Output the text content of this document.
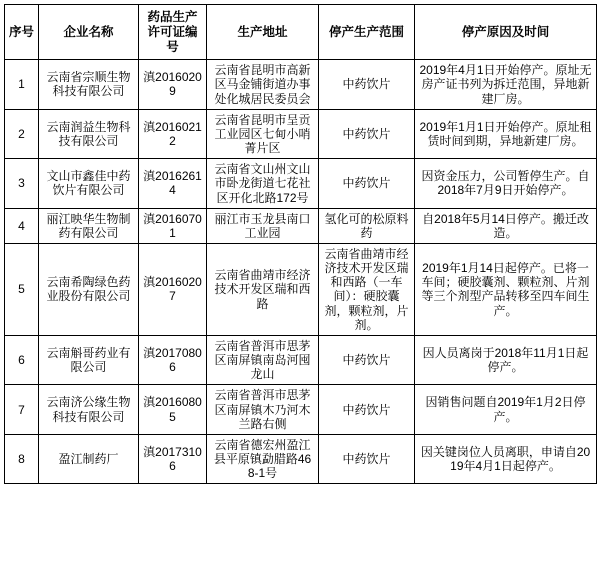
序号	企业名称	药品生产许可证编号	生产地址	停产生产范围	停产原因及时间
1	云南省宗顺生物科技有限公司	滇20160209	云南省昆明市高新区马金铺街道办事处化城居民委员会	中药饮片	2019年4月1日开始停产。原址无房产证书列为拆迁范围，异地新建厂房。
2	云南润益生物科技有限公司	滇20160212	云南省昆明市呈贡工业园区七甸小哨菁片区	中药饮片	2019年1月1日开始停产。原址租赁时间到期，异地新建厂房。
3	文山市鑫佳中药饮片有限公司	滇20162614	云南省文山州文山市卧龙街道七花社区开化北路172号	中药饮片	因资金压力，公司暂停生产。自2018年7月9日开始停产。
4	丽江映华生物制药有限公司	滇20160701	丽江市玉龙县南口工业园	氢化可的松原料药	自2018年5月14日停产。搬迁改造。
5	云南希陶绿色药业股份有限公司	滇20160207	云南省曲靖市经济技术开发区瑞和西路	云南省曲靖市经济技术开发区瑞和西路（一车间）：硬胶囊剂，颗粒剂，片剂。	2019年1月14日起停产。已将一车间；硬胶囊剂、颗粒剂、片剂等三个剂型产品转移至四车间生产。
6	云南斛哥药业有限公司	滇20170806	云南省普洱市思茅区南屏镇南岛河囤龙山	中药饮片	因人员离岗于2018年11月1日起停产。
7	云南济公缘生物科技有限公司	滇20160805	云南省普洱市思茅区南屏镇木乃河木兰路右侧	中药饮片	因销售问题自2019年1月2日停产。
8	盈江制药厂	滇20173106	云南省德宏州盈江县平原镇勐腊路468-1号	中药饮片	因关键岗位人员离职，申请自2019年4月1日起停产。
